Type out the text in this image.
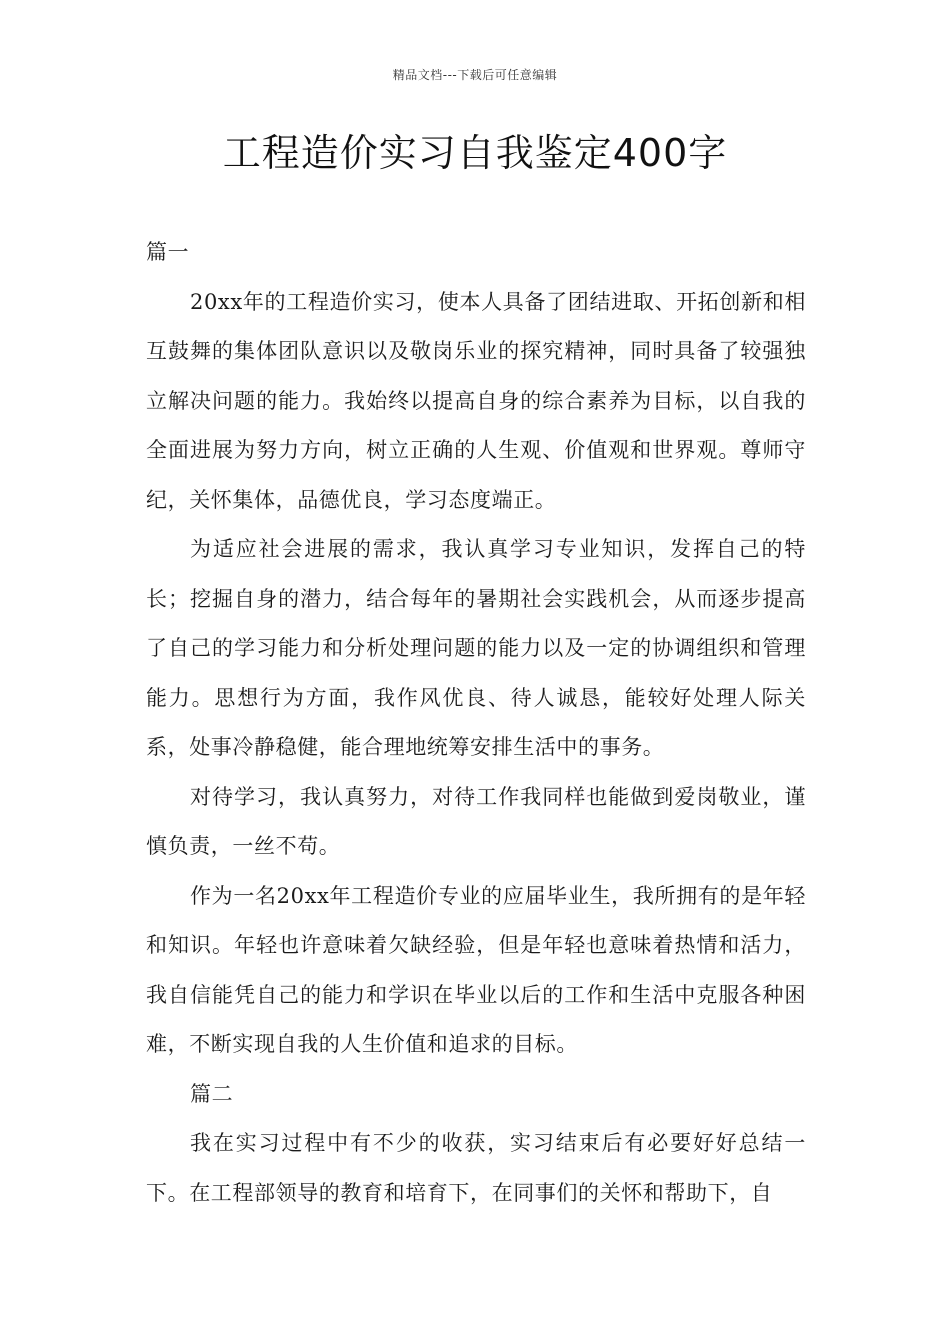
精品文档---下载后可任意编辑
工程造价实习自我鉴定400字

篇一

20xx年的工程造价实习，使本人具备了团结进取、开拓创新和相互鼓舞的集体团队意识以及敬岗乐业的探究精神，同时具备了较强独立解决问题的能力。我始终以提高自身的综合素养为目标，以自我的全面进展为努力方向，树立正确的人生观、价值观和世界观。尊师守纪，关怀集体，品德优良，学习态度端正。

为适应社会进展的需求，我认真学习专业知识，发挥自己的特长；挖掘自身的潜力，结合每年的暑期社会实践机会，从而逐步提高了自己的学习能力和分析处理问题的能力以及一定的协调组织和管理能力。思想行为方面，我作风优良、待人诚恳，能较好处理人际关系，处事冷静稳健，能合理地统筹安排生活中的事务。

对待学习，我认真努力，对待工作我同样也能做到爱岗敬业，谨慎负责，一丝不苟。

作为一名20xx年工程造价专业的应届毕业生，我所拥有的是年轻和知识。年轻也许意味着欠缺经验，但是年轻也意味着热情和活力，我自信能凭自己的能力和学识在毕业以后的工作和生活中克服各种困难，不断实现自我的人生价值和追求的目标。

篇二

我在实习过程中有不少的收获，实习结束后有必要好好总结一下。在工程部领导的教育和培育下，在同事们的关怀和帮助下，自
